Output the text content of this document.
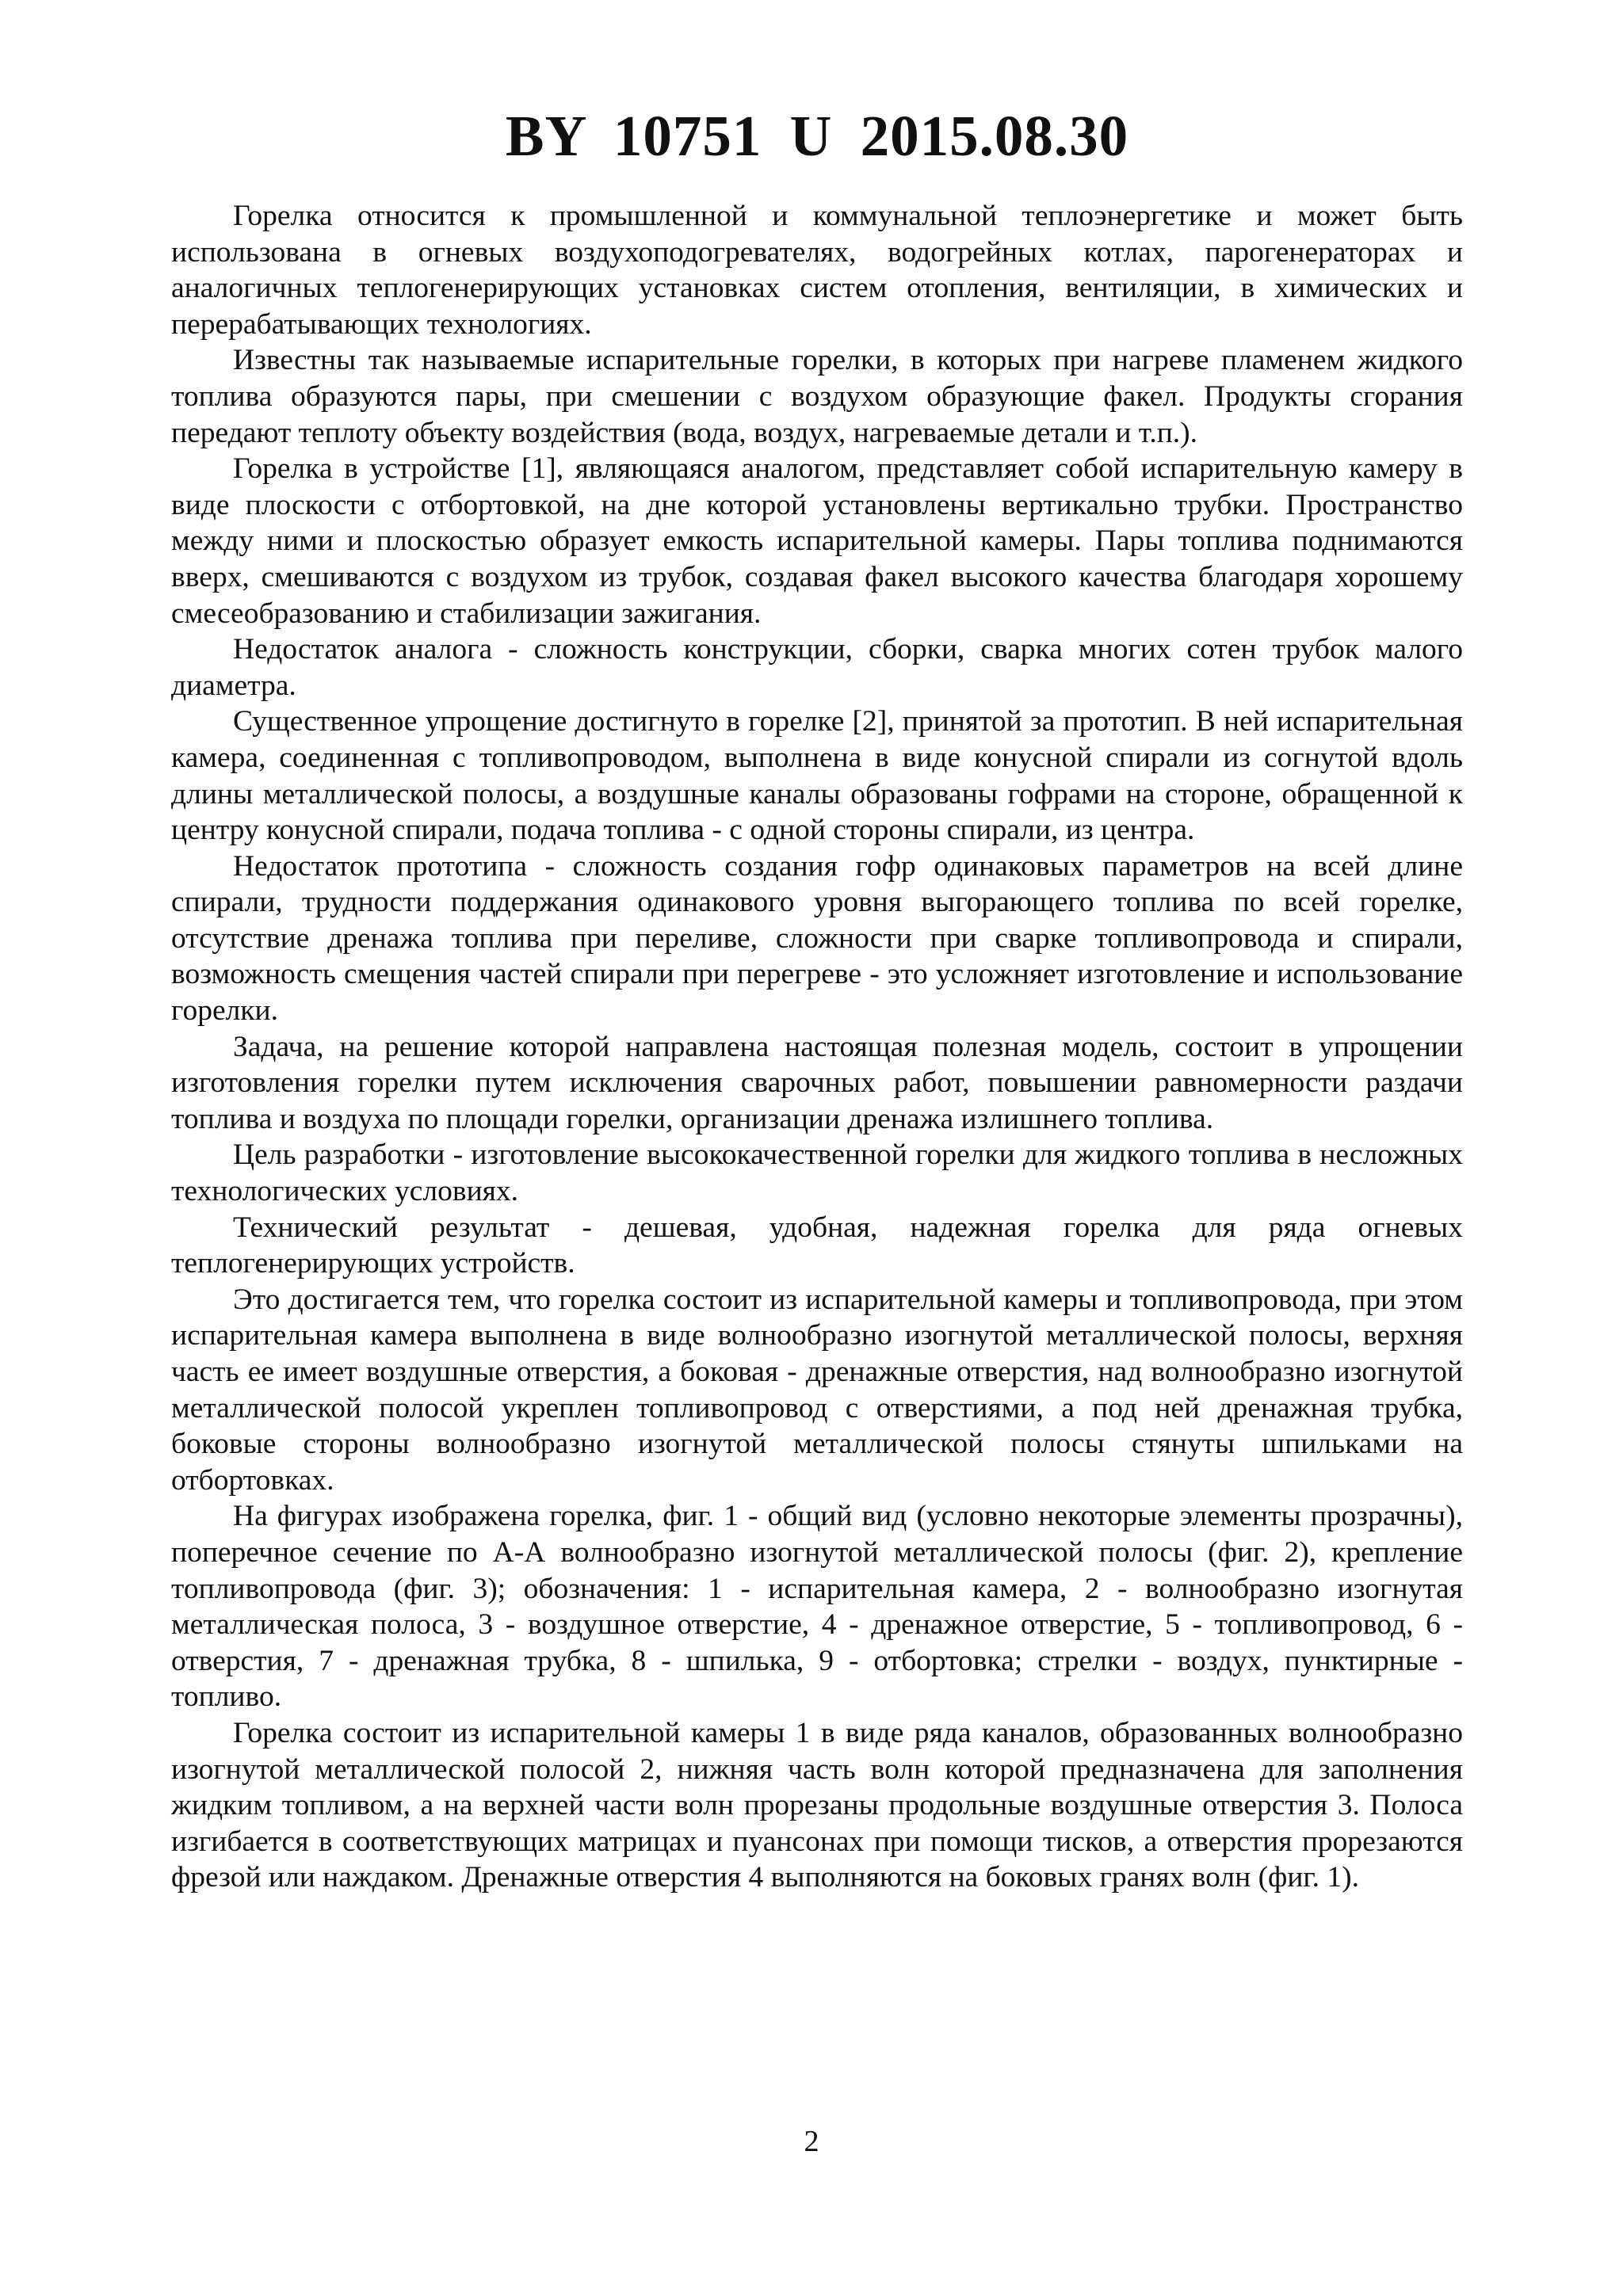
BY 10751 U 2015.08.30

Горелка относится к промышленной и коммунальной теплоэнергетике и может быть использована в огневых воздухоподогревателях, водогрейных котлах, парогенераторах и аналогичных теплогенерирующих установках систем отопления, вентиляции, в химических и перерабатывающих технологиях.

Известны так называемые испарительные горелки, в которых при нагреве пламенем жидкого топлива образуются пары, при смешении с воздухом образующие факел. Продукты сгорания передают теплоту объекту воздействия (вода, воздух, нагреваемые детали и т.п.).

Горелка в устройстве [1], являющаяся аналогом, представляет собой испарительную камеру в виде плоскости с отбортовкой, на дне которой установлены вертикально трубки. Пространство между ними и плоскостью образует емкость испарительной камеры. Пары топлива поднимаются вверх, смешиваются с воздухом из трубок, создавая факел высокого качества благодаря хорошему смесеобразованию и стабилизации зажигания.

Недостаток аналога - сложность конструкции, сборки, сварка многих сотен трубок малого диаметра.

Существенное упрощение достигнуто в горелке [2], принятой за прототип. В ней испарительная камера, соединенная с топливопроводом, выполнена в виде конусной спирали из согнутой вдоль длины металлической полосы, а воздушные каналы образованы гофрами на стороне, обращенной к центру конусной спирали, подача топлива - с одной стороны спирали, из центра.

Недостаток прототипа - сложность создания гофр одинаковых параметров на всей длине спирали, трудности поддержания одинакового уровня выгорающего топлива по всей горелке, отсутствие дренажа топлива при переливе, сложности при сварке топливопровода и спирали, возможность смещения частей спирали при перегреве - это усложняет изготовление и использование горелки.

Задача, на решение которой направлена настоящая полезная модель, состоит в упрощении изготовления горелки путем исключения сварочных работ, повышении равномерности раздачи топлива и воздуха по площади горелки, организации дренажа излишнего топлива.

Цель разработки - изготовление высококачественной горелки для жидкого топлива в несложных технологических условиях.

Технический результат - дешевая, удобная, надежная горелка для ряда огневых теплогенерирующих устройств.

Это достигается тем, что горелка состоит из испарительной камеры и топливопровода, при этом испарительная камера выполнена в виде волнообразно изогнутой металлической полосы, верхняя часть ее имеет воздушные отверстия, а боковая - дренажные отверстия, над волнообразно изогнутой металлической полосой укреплен топливопровод с отверстиями, а под ней дренажная трубка, боковые стороны волнообразно изогнутой металлической полосы стянуты шпильками на отбортовках.

На фигурах изображена горелка, фиг. 1 - общий вид (условно некоторые элементы прозрачны), поперечное сечение по А-А волнообразно изогнутой металлической полосы (фиг. 2), крепление топливопровода (фиг. 3); обозначения: 1 - испарительная камера, 2 - волнообразно изогнутая металлическая полоса, 3 - воздушное отверстие, 4 - дренажное отверстие, 5 - топливопровод, 6 - отверстия, 7 - дренажная трубка, 8 - шпилька, 9 - отбортовка; стрелки - воздух, пунктирные - топливо.

Горелка состоит из испарительной камеры 1 в виде ряда каналов, образованных волнообразно изогнутой металлической полосой 2, нижняя часть волн которой предназначена для заполнения жидким топливом, а на верхней части волн прорезаны продольные воздушные отверстия 3. Полоса изгибается в соответствующих матрицах и пуансонах при помощи тисков, а отверстия прорезаются фрезой или наждаком. Дренажные отверстия 4 выполняются на боковых гранях волн (фиг. 1).

2
